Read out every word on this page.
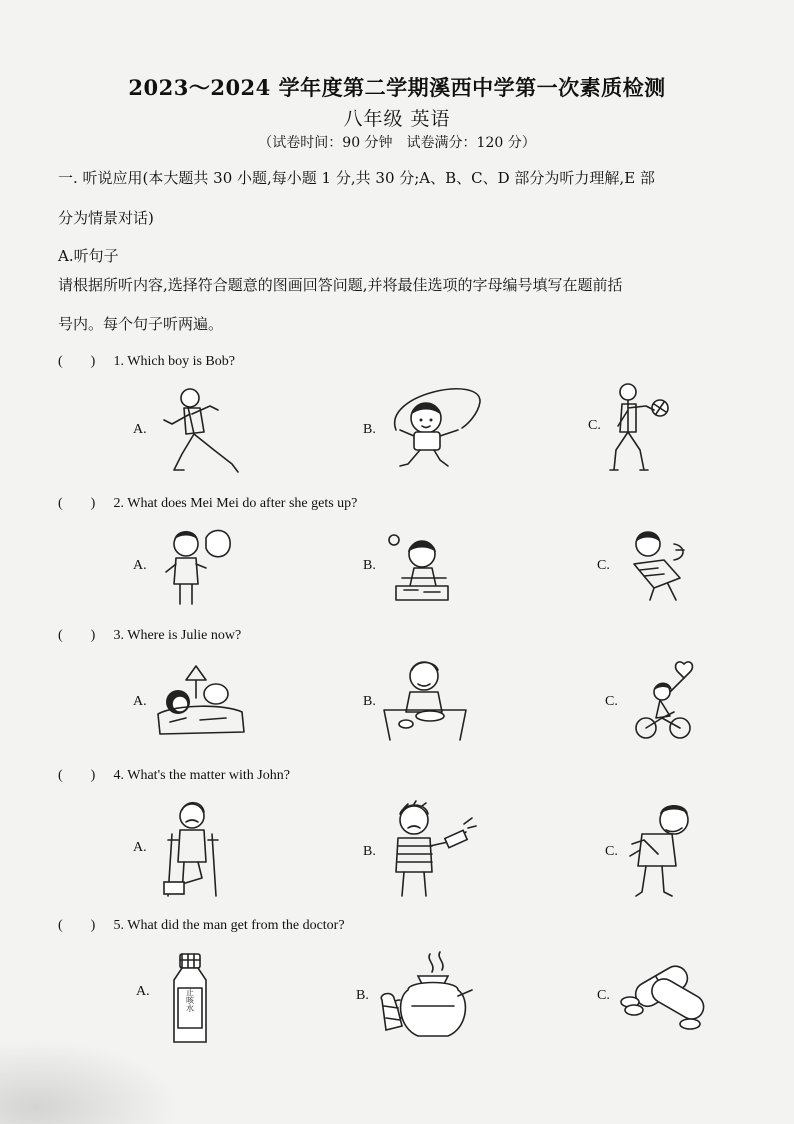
2023～2024 学年度第二学期溪西中学第一次素质检测
八年级 英语
（试卷时间：90 分钟　试卷满分：120 分）
一. 听说应用(本大题共 30 小题,每小题 1 分,共 30 分;A、B、C、D 部分为听力理解,E 部
分为情景对话)
A.听句子
请根据所听内容,选择符合题意的图画回答问题,并将最佳选项的字母编号填写在题前括
号内。每个句子听两遍。
(　　) 1. Which boy is Bob?
A.	B.	C.
(　　) 2. What does Mei Mei do after she gets up?
A.	B.	C.
(　　) 3. Where is Julie now?
A.	B.	C.
(　　) 4. What's the matter with John?
A.	B.	C.
(　　) 5. What did the man get from the doctor?
A.	B.	C.
止咳水
